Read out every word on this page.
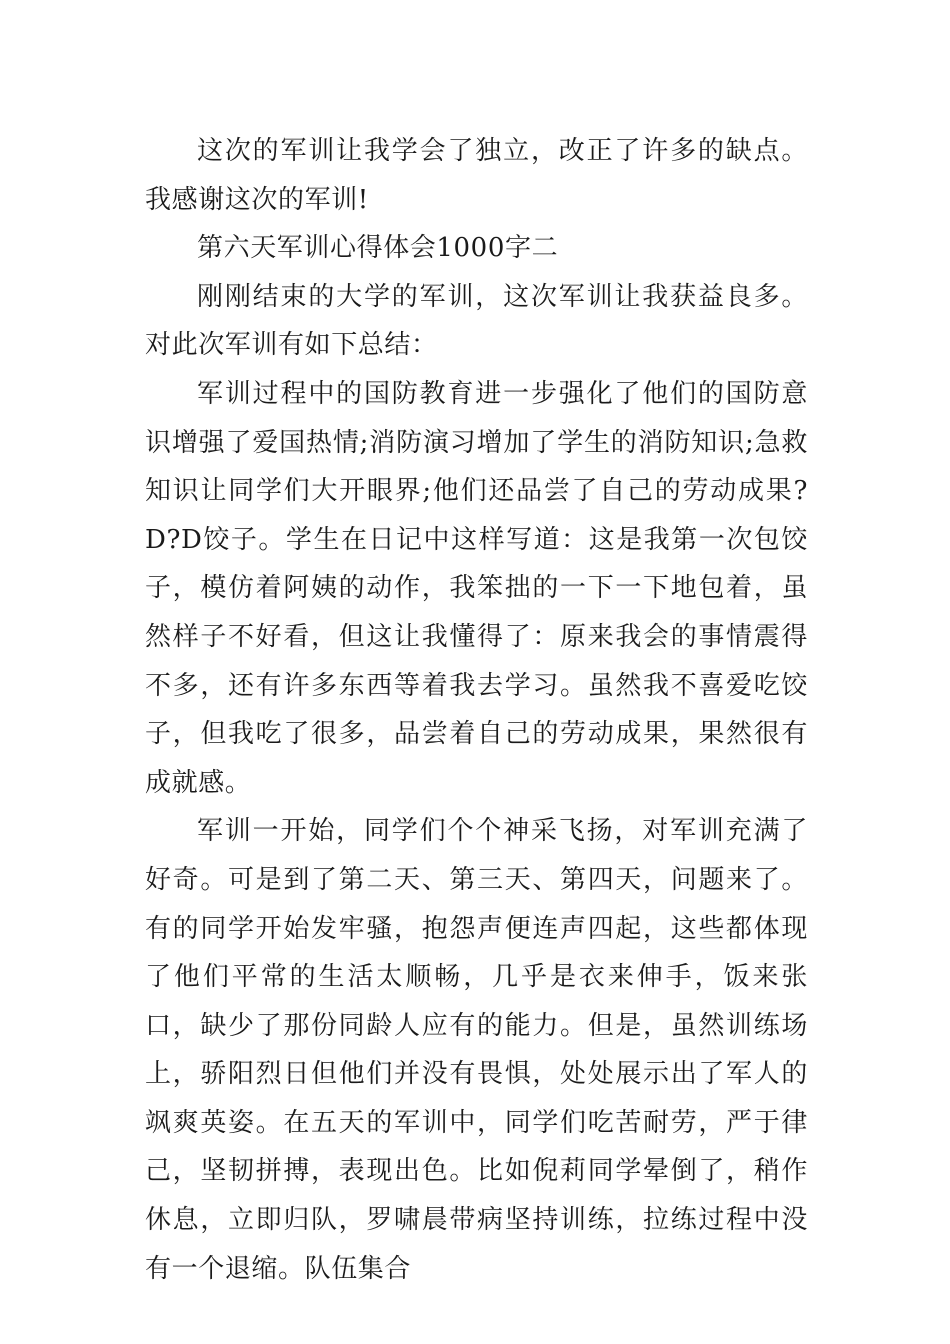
这次的军训让我学会了独立，改正了许多的缺点。我感谢这次的军训!

第六天军训心得体会1000字二

刚刚结束的大学的军训，这次军训让我获益良多。对此次军训有如下总结：

军训过程中的国防教育进一步强化了他们的国防意识增强了爱国热情;消防演习增加了学生的消防知识;急救知识让同学们大开眼界;他们还品尝了自己的劳动成果?D?D饺子。学生在日记中这样写道：这是我第一次包饺子，模仿着阿姨的动作，我笨拙的一下一下地包着，虽然样子不好看，但这让我懂得了：原来我会的事情震得不多，还有许多东西等着我去学习。虽然我不喜爱吃饺子，但我吃了很多，品尝着自己的劳动成果，果然很有成就感。

军训一开始，同学们个个神采飞扬，对军训充满了好奇。可是到了第二天、第三天、第四天，问题来了。有的同学开始发牢骚，抱怨声便连声四起，这些都体现了他们平常的生活太顺畅，几乎是衣来伸手，饭来张口，缺少了那份同龄人应有的能力。但是，虽然训练场上，骄阳烈日但他们并没有畏惧，处处展示出了军人的飒爽英姿。在五天的军训中，同学们吃苦耐劳，严于律己，坚韧拼搏，表现出色。比如倪莉同学晕倒了，稍作休息，立即归队，罗啸晨带病坚持训练，拉练过程中没有一个退缩。队伍集合
